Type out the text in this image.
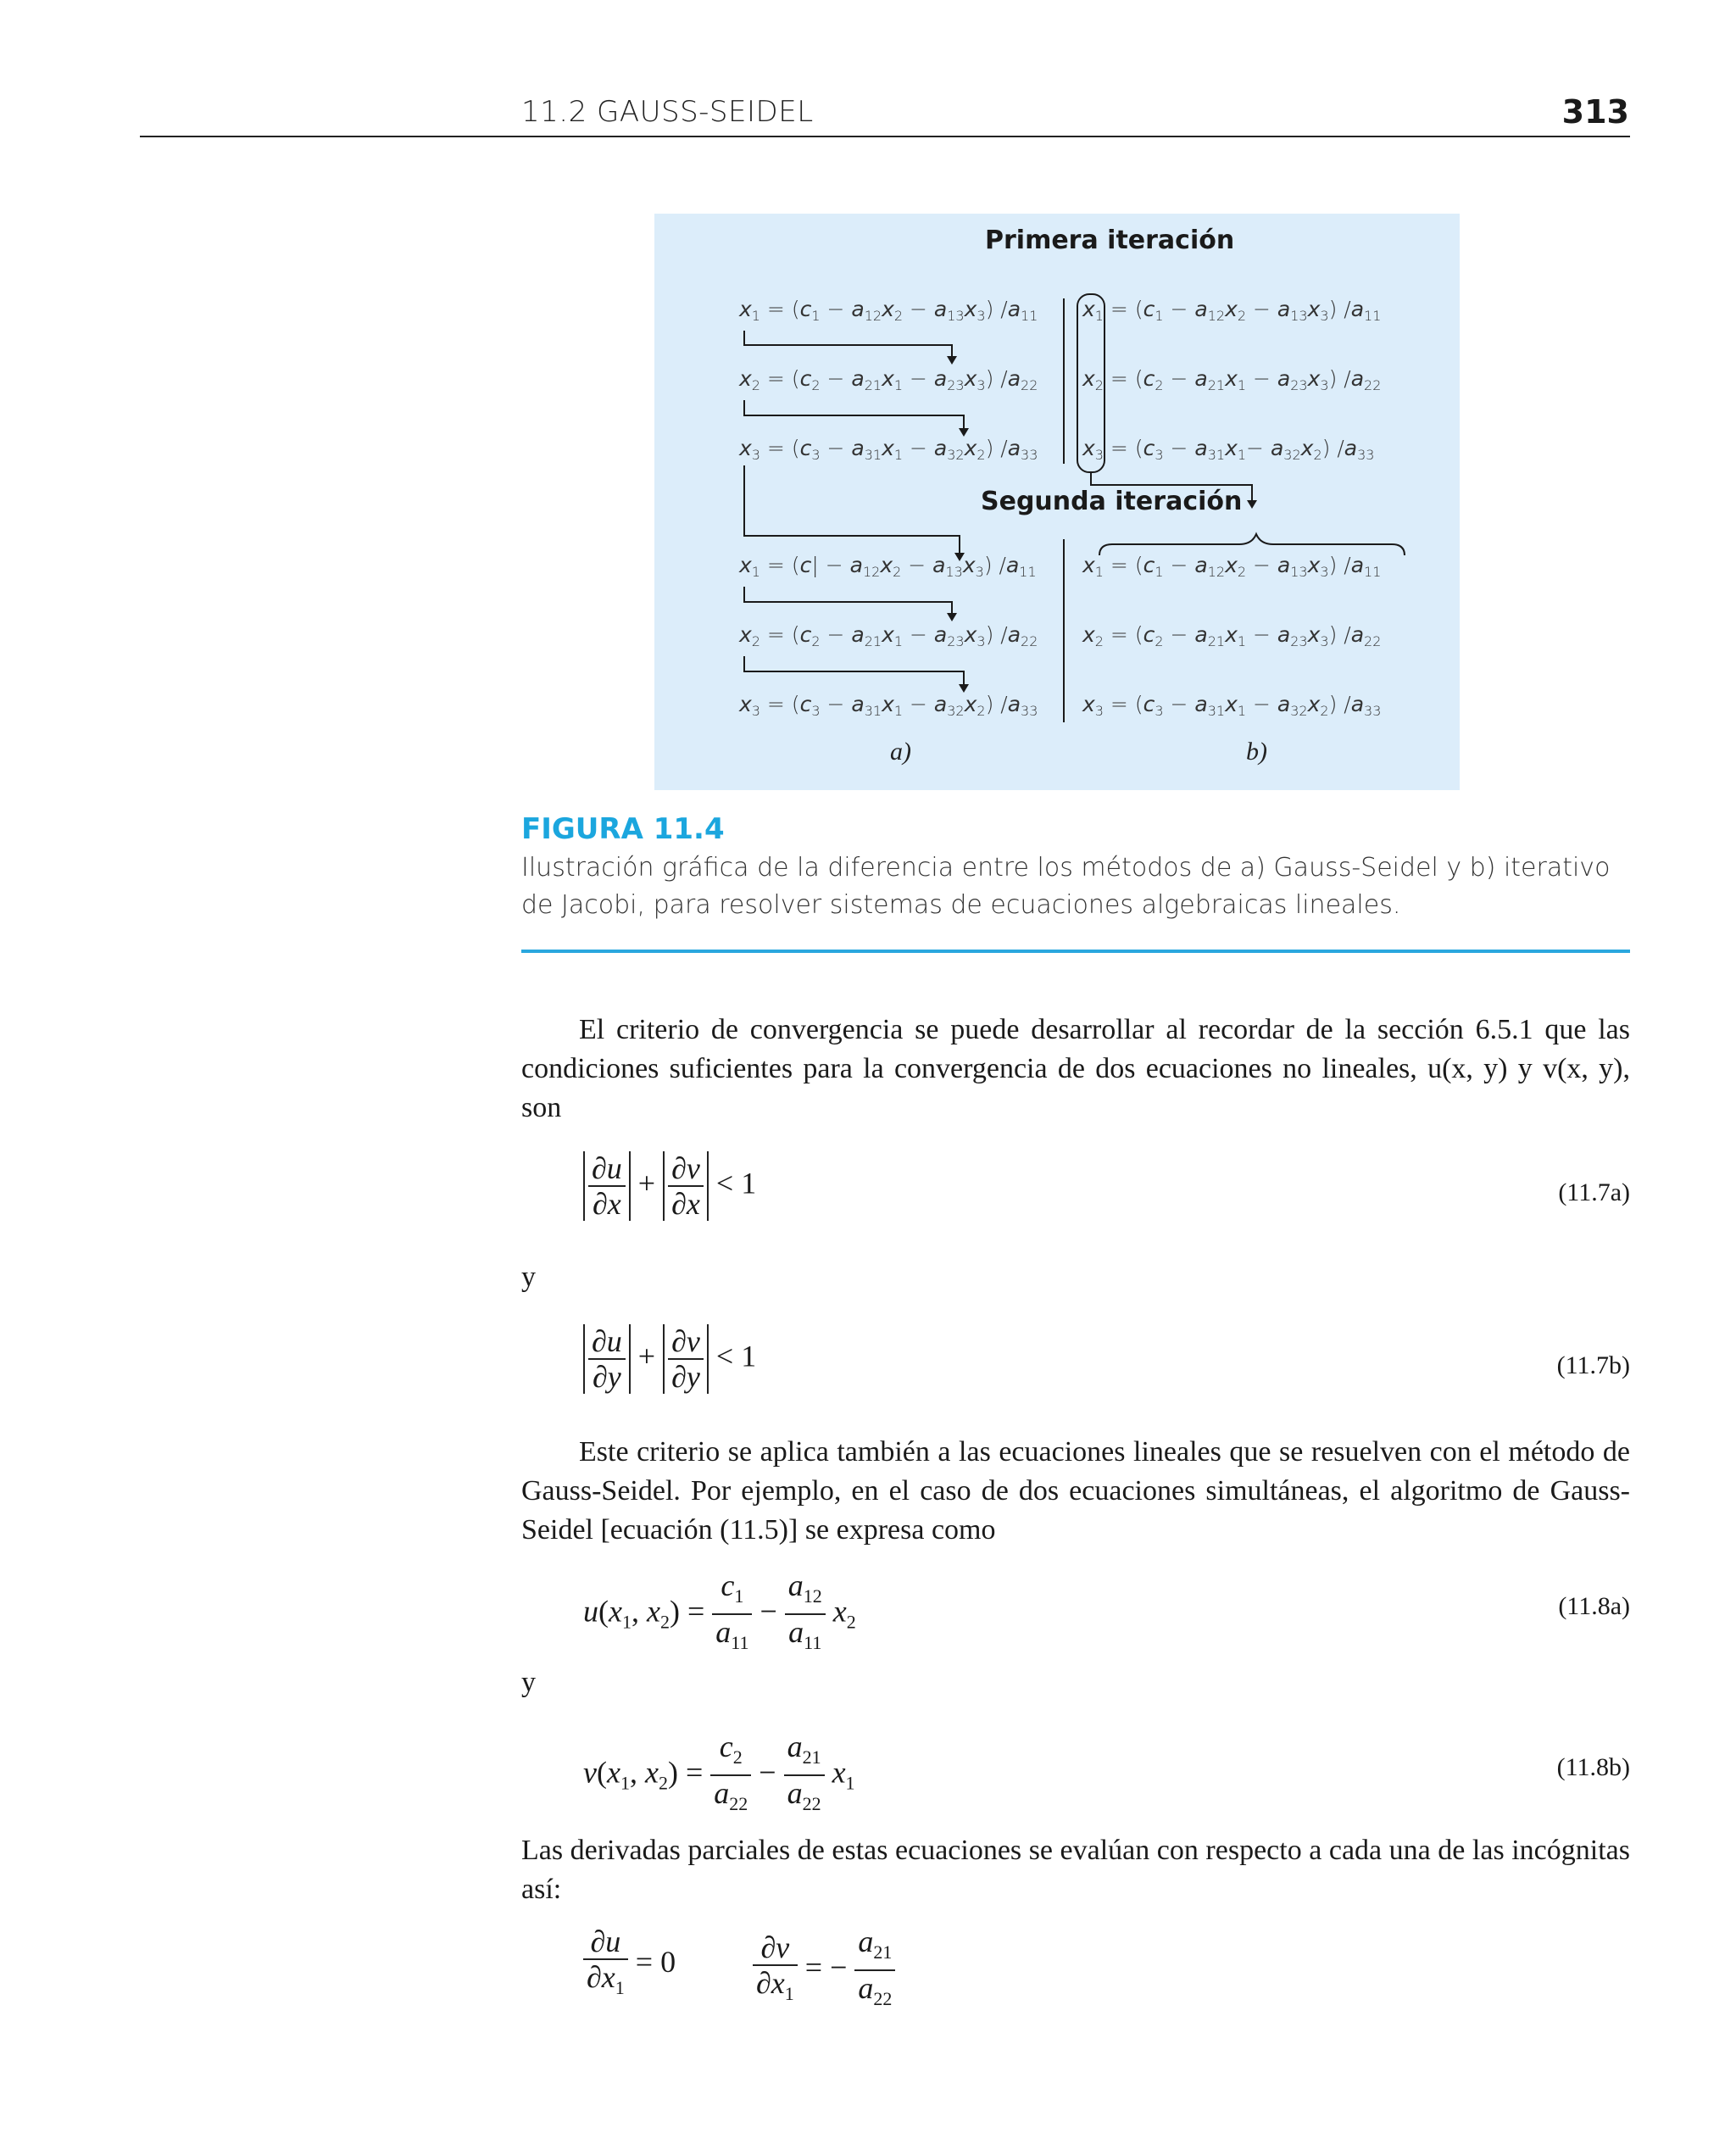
11.2 GAUSS-SEIDEL	313
Primera iteración
$x_1 = (c_1 - a_{12}x_2 - a_{13}x_3)$ $/a_{11}$
$x_2 = (c_2 - a_{21}x_1 - a_{23}x_3)$ $/a_{22}$
$x_3 = (c_3 - a_{31}x_1 - a_{32}x_2)$ $/a_{33}$
$x_1 = (c_1 - a_{12}x_2 - a_{13}x_3)$ $/a_{11}$
$x_2 = (c_2 - a_{21}x_1 - a_{23}x_3)$ $/a_{22}$
$x_3 = (c_3 - a_{31}x_1- a_{32}x_2)$ $/a_{33}$
Segunda iteración
$x_1 = (c| - a_{12}x_2 - a_{13}x_3)$ $/a_{11}$
$x_2 = (c_2 - a_{21}x_1 - a_{23}x_3)$ $/a_{22}$
$x_3 = (c_3 - a_{31}x_1 - a_{32}x_2)$ $/a_{33}$
$x_1 = (c_1 - a_{12}x_2 - a_{13}x_3)$ $/a_{11}$
$x_2 = (c_2 - a_{21}x_1 - a_{23}x_3)$ $/a_{22}$
$x_3 = (c_3 - a_{31}x_1 - a_{32}x_2)$ $/a_{33}$
a)	b)
FIGURA 11.4
Ilustración gráfica de la diferencia entre los métodos de a) Gauss-Seidel y b) iterativo de Jacobi, para resolver sistemas de ecuaciones algebraicas lineales.
El criterio de convergencia se puede desarrollar al recordar de la sección 6.5.1 que las condiciones suficientes para la convergencia de dos ecuaciones no lineales, u(x, y) y v(x, y), son
$\frac{\partial u}{\partial x} + \frac{\partial v}{\partial x} < 1$	(11.7a)
y
$\frac{\partial u}{\partial y} + \frac{\partial v}{\partial y} < 1$	(11.7b)
Este criterio se aplica también a las ecuaciones lineales que se resuelven con el método de Gauss-Seidel. Por ejemplo, en el caso de dos ecuaciones simultáneas, el algoritmo de Gauss-Seidel [ecuación (11.5)] se expresa como
$u(x_1$, $x_2) = \frac{c_1}{a_{11}} - \frac{a_{12}}{a_{11}} x_2$
(11.8a)
y
$v(x_1$, $x_2) = \frac{c_2}{a_{22}} - \frac{a_{21}}{a_{22}} x_1$
(11.8b)
Las derivadas parciales de estas ecuaciones se evalúan con respecto a cada una de las incógnitas así:
$\frac{\partial u}{\partial x_1} = 0$	$\frac{\partial v}{\partial x_1}$ = − $\frac{a_{21}}{a_{22}}$
